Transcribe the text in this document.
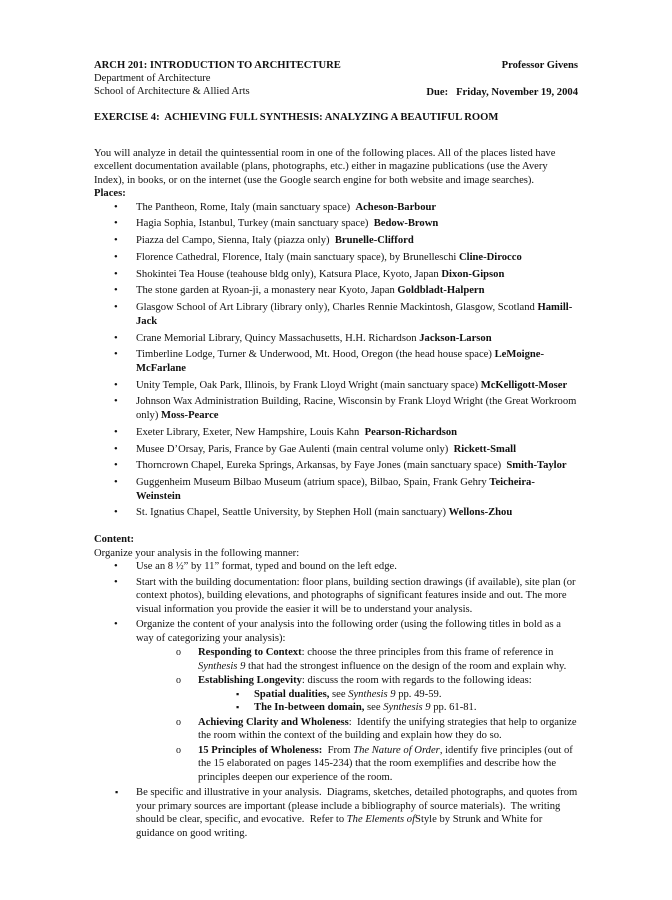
ARCH 201: INTRODUCTION TO ARCHITECTURE
Department of Architecture
School of Architecture & Allied Arts
Professor Givens
Due:   Friday, November 19, 2004
EXERCISE 4:  ACHIEVING FULL SYNTHESIS: ANALYZING A BEAUTIFUL ROOM

You will analyze in detail the quintessential room in one of the following places. All of the places listed have excellent documentation available (plans, photographs, etc.) either in magazine publications (use the Avery Index), in books, or on the internet (use the Google search engine for both website and image searches).

Places:
• The Pantheon, Rome, Italy (main sanctuary space)  Acheson-Barbour
• Hagia Sophia, Istanbul, Turkey (main sanctuary space)  Bedow-Brown
• Piazza del Campo, Sienna, Italy (piazza only)  Brunelle-Clifford
• Florence Cathedral, Florence, Italy (main sanctuary space), by Brunelleschi Cline-Dirocco
• Shokintei Tea House (teahouse bldg only), Katsura Place, Kyoto, Japan Dixon-Gipson
• The stone garden at Ryoan-ji, a monastery near Kyoto, Japan Goldbladt-Halpern
• Glasgow School of Art Library (library only), Charles Rennie Mackintosh, Glasgow, Scotland Hamill-Jack
• Crane Memorial Library, Quincy Massachusetts, H.H. Richardson Jackson-Larson
• Timberline Lodge, Turner & Underwood, Mt. Hood, Oregon (the head house space) LeMoigne-McFarlane
• Unity Temple, Oak Park, Illinois, by Frank Lloyd Wright (main sanctuary space) McKelligott-Moser
• Johnson Wax Administration Building, Racine, Wisconsin by Frank Lloyd Wright (the Great Workroom only) Moss-Pearce
• Exeter Library, Exeter, New Hampshire, Louis Kahn  Pearson-Richardson
• Musee D’Orsay, Paris, France by Gae Aulenti (main central volume only)  Rickett-Small
• Thorncrown Chapel, Eureka Springs, Arkansas, by Faye Jones (main sanctuary space)  Smith-Taylor
• Guggenheim Museum Bilbao Museum (atrium space), Bilbao, Spain, Frank Gehry Teicheira-Weinstein
• St. Ignatius Chapel, Seattle University, by Stephen Holl (main sanctuary) Wellons-Zhou
Content:
Organize your analysis in the following manner:
• Use an 8 ½” by 11” format, typed and bound on the left edge.
• Start with the building documentation: floor plans, building section drawings (if available), site plan (or context photos), building elevations, and photographs of significant features inside and out. The more visual information you provide the easier it will be to understand your analysis.
• Organize the content of your analysis into the following order (using the following titles in bold as a way of categorizing your analysis):
o Responding to Context: choose the three principles from this frame of reference in Synthesis 9 that had the strongest influence on the design of the room and explain why.
o Establishing Longevity: discuss the room with regards to the following ideas:
▪ Spatial dualities, see Synthesis 9 pp. 49-59.
▪ The In-between domain, see Synthesis 9 pp. 61-81.
o Achieving Clarity and Wholeness:  Identify the unifying strategies that help to organize the room within the context of the building and explain how they do so.
o 15 Principles of Wholeness:  From The Nature of Order, identify five principles (out of the 15 elaborated on pages 145-234) that the room exemplifies and describe how the principles deepen our experience of the room.
▪ Be specific and illustrative in your analysis.  Diagrams, sketches, detailed photographs, and quotes from your primary sources are important (please include a bibliography of source materials).  The writing should be clear, specific, and evocative.  Refer to The Elements ofStyle by Strunk and White for guidance on good writing.
